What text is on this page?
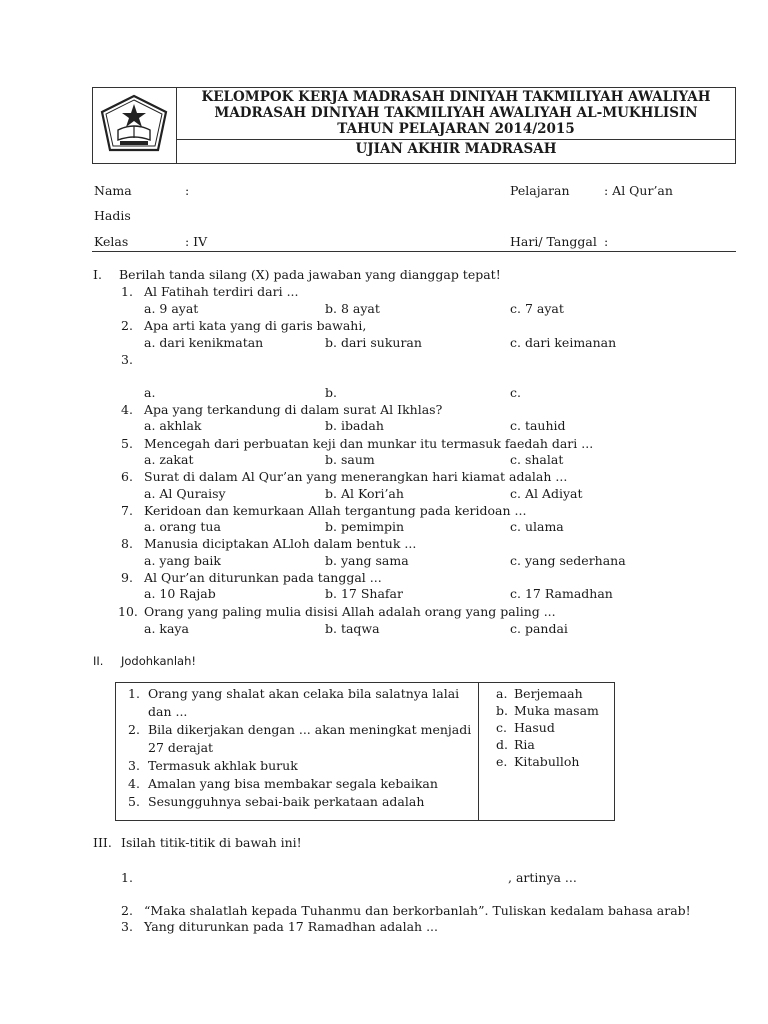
KELOMPOK KERJA MADRASAH DINIYAH TAKMILIYAH AWALIYAH
MADRASAH DINIYAH TAKMILIYAH AWALIYAH AL-MUKHLISIN
TAHUN PELAJARAN 2014/2015
UJIAN AKHIR MADRASAH
Nama	:	Pelajaran	: Al Qur’an
Hadis
Kelas	: IV	Hari/ Tanggal :
I. Berilah tanda silang (X) pada jawaban yang dianggap tepat!
1. Al Fatihah terdiri dari ...
a. 9 ayat	b. 8 ayat	c. 7 ayat
2. Apa arti kata yang di garis bawahi,
a. dari kenikmatan	b. dari sukuran	c. dari keimanan
3.
a.	b.	c.
4. Apa yang terkandung di dalam surat Al Ikhlas?
a. akhlak	b. ibadah	c. tauhid
5. Mencegah dari perbuatan keji dan munkar itu termasuk faedah dari ...
a. zakat	b. saum	c. shalat
6. Surat di dalam Al Qur’an yang menerangkan hari kiamat adalah ...
a. Al Quraisy	b. Al Kori’ah	c. Al Adiyat
7. Keridoan dan kemurkaan Allah tergantung pada keridoan ...
a. orang tua	b. pemimpin	c. ulama
8. Manusia diciptakan ALloh dalam bentuk ...
a. yang baik	b. yang sama	c. yang sederhana
9. Al Qur’an diturunkan pada tanggal ...
a. 10 Rajab	b. 17 Shafar	c. 17 Ramadhan
10. Orang yang paling mulia disisi Allah adalah orang yang paling ...
a. kaya	b. taqwa	c. pandai
II. Jodohkanlah!
1. Orang yang shalat akan celaka bila salatnya lalai
dan ...
2. Bila dikerjakan dengan ... akan meningkat menjadi
27 derajat
3. Termasuk akhlak buruk
4. Amalan yang bisa membakar segala kebaikan
5. Sesungguhnya sebai-baik perkataan adalah
a. Berjemaah
b. Muka masam
c. Hasud
d. Ria
e. Kitabulloh
III. Isilah titik-titik di bawah ini!
1.	, artinya ...
2. “Maka shalatlah kepada Tuhanmu dan berkorbanlah”. Tuliskan kedalam bahasa arab!
3. Yang diturunkan pada 17 Ramadhan adalah ...
